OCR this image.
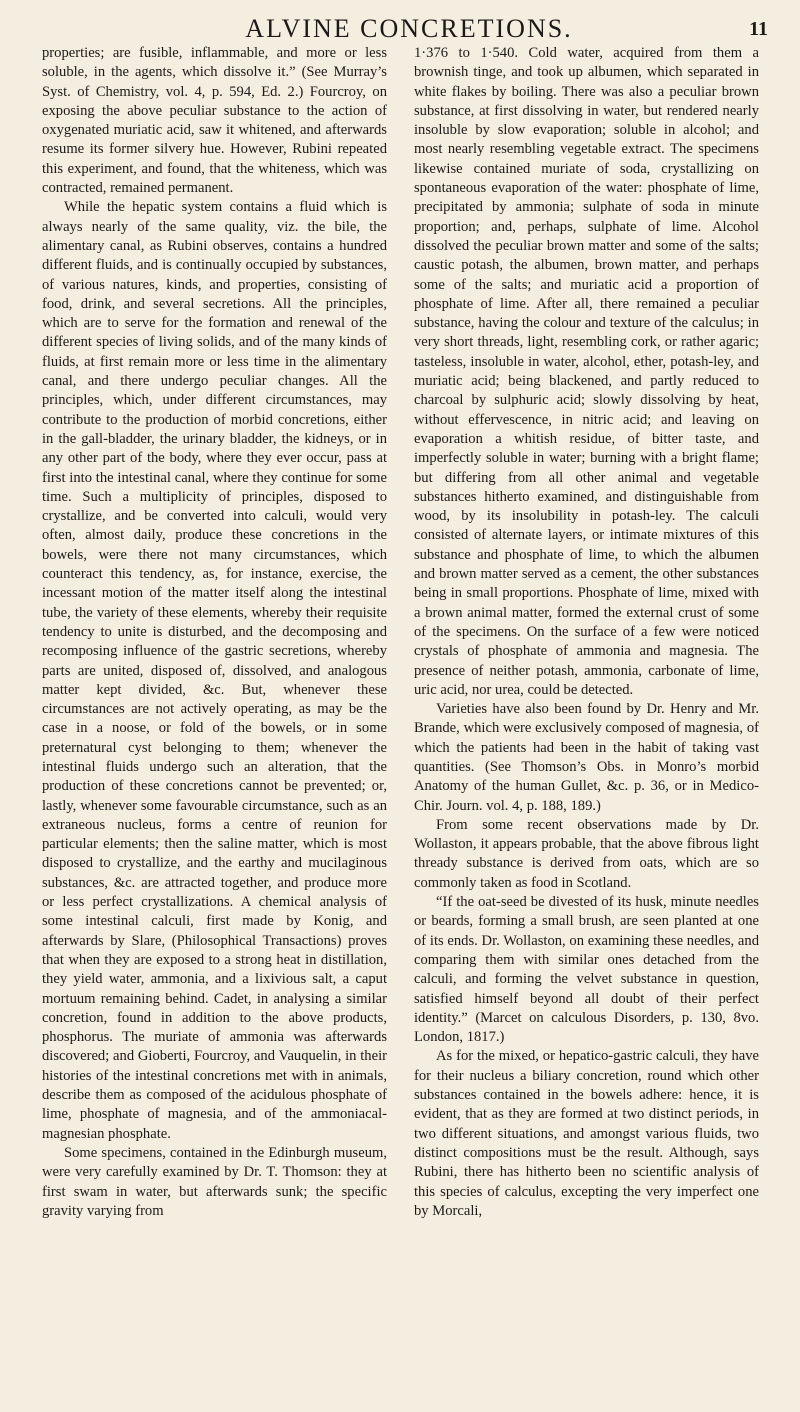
ALVINE CONCRETIONS.	11

properties; are fusible, inflammable, and more or less soluble, in the agents, which dissolve it.” (See Murray’s Syst. of Chemistry, vol. 4, p. 594, Ed. 2.) Fourcroy, on exposing the above peculiar substance to the action of oxygenated muriatic acid, saw it whitened, and afterwards resume its former silvery hue. However, Rubini repeated this experiment, and found, that the whiteness, which was contracted, remained permanent.

While the hepatic system contains a fluid which is always nearly of the same quality, viz. the bile, the alimentary canal, as Rubini observes, contains a hundred different fluids, and is continually occupied by substances, of various natures, kinds, and properties, consisting of food, drink, and several secretions. All the principles, which are to serve for the formation and renewal of the different species of living solids, and of the many kinds of fluids, at first remain more or less time in the alimentary canal, and there undergo peculiar changes. All the principles, which, under different circumstances, may contribute to the production of morbid concretions, either in the gall-bladder, the urinary bladder, the kidneys, or in any other part of the body, where they ever occur, pass at first into the intestinal canal, where they continue for some time. Such a multiplicity of principles, disposed to crystallize, and be converted into calculi, would very often, almost daily, produce these concretions in the bowels, were there not many circumstances, which counteract this tendency, as, for instance, exercise, the incessant motion of the matter itself along the intestinal tube, the variety of these elements, whereby their requisite tendency to unite is disturbed, and the decomposing and recomposing influence of the gastric secretions, whereby parts are united, disposed of, dissolved, and analogous matter kept divided, &c. But, whenever these circumstances are not actively operating, as may be the case in a noose, or fold of the bowels, or in some preternatural cyst belonging to them; whenever the intestinal fluids undergo such an alteration, that the production of these concretions cannot be prevented; or, lastly, whenever some favourable circumstance, such as an extraneous nucleus, forms a centre of reunion for particular elements; then the saline matter, which is most disposed to crystallize, and the earthy and mucilaginous substances, &c. are attracted together, and produce more or less perfect crystallizations. A chemical analysis of some intestinal calculi, first made by Konig, and afterwards by Slare, (Philosophical Transactions) proves that when they are exposed to a strong heat in distillation, they yield water, ammonia, and a lixivious salt, a caput mortuum remaining behind. Cadet, in analysing a similar concretion, found in addition to the above products, phosphorus. The muriate of ammonia was afterwards discovered; and Gioberti, Fourcroy, and Vauquelin, in their histories of the intestinal concretions met with in animals, describe them as composed of the acidulous phosphate of lime, phosphate of magnesia, and of the ammoniacal-magnesian phosphate.

Some specimens, contained in the Edinburgh museum, were very carefully examined by Dr. T. Thomson: they at first swam in water, but afterwards sunk; the specific gravity varying from

1·376 to 1·540. Cold water, acquired from them a brownish tinge, and took up albumen, which separated in white flakes by boiling. There was also a peculiar brown substance, at first dissolving in water, but rendered nearly insoluble by slow evaporation; soluble in alcohol; and most nearly resembling vegetable extract. The specimens likewise contained muriate of soda, crystallizing on spontaneous evaporation of the water: phosphate of lime, precipitated by ammonia; sulphate of soda in minute proportion; and, perhaps, sulphate of lime. Alcohol dissolved the peculiar brown matter and some of the salts; caustic potash, the albumen, brown matter, and perhaps some of the salts; and muriatic acid a proportion of phosphate of lime. After all, there remained a peculiar substance, having the colour and texture of the calculus; in very short threads, light, resembling cork, or rather agaric; tasteless, insoluble in water, alcohol, ether, potash-ley, and muriatic acid; being blackened, and partly reduced to charcoal by sulphuric acid; slowly dissolving by heat, without effervescence, in nitric acid; and leaving on evaporation a whitish residue, of bitter taste, and imperfectly soluble in water; burning with a bright flame; but differing from all other animal and vegetable substances hitherto examined, and distinguishable from wood, by its insolubility in potash-ley. The calculi consisted of alternate layers, or intimate mixtures of this substance and phosphate of lime, to which the albumen and brown matter served as a cement, the other substances being in small proportions. Phosphate of lime, mixed with a brown animal matter, formed the external crust of some of the specimens. On the surface of a few were noticed crystals of phosphate of ammonia and magnesia. The presence of neither potash, ammonia, carbonate of lime, uric acid, nor urea, could be detected.

Varieties have also been found by Dr. Henry and Mr. Brande, which were exclusively composed of magnesia, of which the patients had been in the habit of taking vast quantities. (See Thomson’s Obs. in Monro’s morbid Anatomy of the human Gullet, &c. p. 36, or in Medico-Chir. Journ. vol. 4, p. 188, 189.)

From some recent observations made by Dr. Wollaston, it appears probable, that the above fibrous light thready substance is derived from oats, which are so commonly taken as food in Scotland.

“If the oat-seed be divested of its husk, minute needles or beards, forming a small brush, are seen planted at one of its ends. Dr. Wollaston, on examining these needles, and comparing them with similar ones detached from the calculi, and forming the velvet substance in question, satisfied himself beyond all doubt of their perfect identity.” (Marcet on calculous Disorders, p. 130, 8vo. London, 1817.)

As for the mixed, or hepatico-gastric calculi, they have for their nucleus a biliary concretion, round which other substances contained in the bowels adhere: hence, it is evident, that as they are formed at two distinct periods, in two different situations, and amongst various fluids, two distinct compositions must be the result. Although, says Rubini, there has hitherto been no scientific analysis of this species of calculus, excepting the very imperfect one by Morcali,
